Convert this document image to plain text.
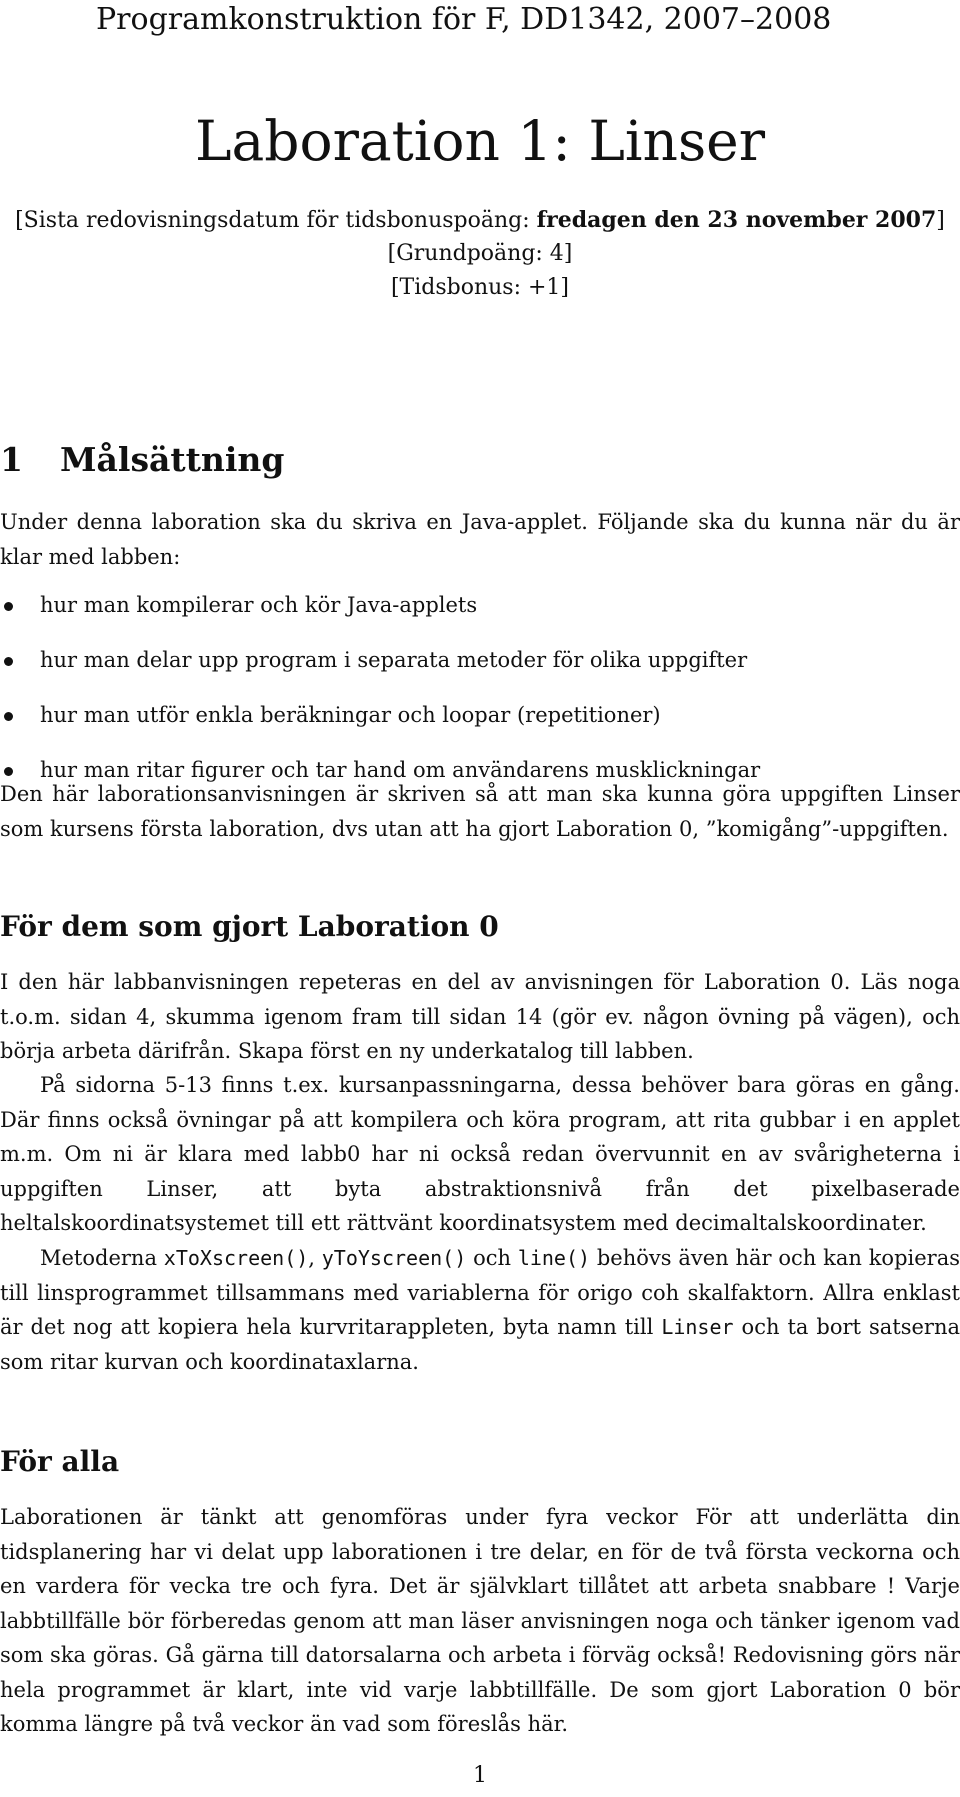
Programkonstruktion för F, DD1342, 2007–2008
Laboration 1: Linser
[Sista redovisningsdatum för tidsbonuspoäng: fredagen den 23 november 2007]
[Grundpoäng: 4]
[Tidsbonus: +1]
1 Målsättning

Under denna laboration ska du skriva en Java-applet. Följande ska du kunna när du är klar med labben:

hur man kompilerar och kör Java-applets
hur man delar upp program i separata metoder för olika uppgifter
hur man utför enkla beräkningar och loopar (repetitioner)
hur man ritar figurer och tar hand om användarens musklickningar

Den här laborationsanvisningen är skriven så att man ska kunna göra uppgiften Linser som kursens första laboration, dvs utan att ha gjort Laboration 0, ”komigång”-uppgiften.

För dem som gjort Laboration 0

I den här labbanvisningen repeteras en del av anvisningen för Laboration 0. Läs noga t.o.m. sidan 4, skumma igenom fram till sidan 14 (gör ev. någon övning på vägen), och börja arbeta därifrån. Skapa först en ny underkatalog till labben.

På sidorna 5-13 finns t.ex. kursanpassningarna, dessa behöver bara göras en gång. Där finns också övningar på att kompilera och köra program, att rita gubbar i en applet m.m. Om ni är klara med labb0 har ni också redan övervunnit en av svårigheterna i uppgiften Linser, att byta abstraktionsnivå från det pixelbaserade heltalskoordinatsystemet till ett rättvänt koordinatsystem med decimaltalskoordinater.

Metoderna xToXscreen(), yToYscreen() och line() behövs även här och kan kopieras till linsprogrammet tillsammans med variablerna för origo coh skalfaktorn. Allra enklast är det nog att kopiera hela kurvritarappleten, byta namn till Linser och ta bort satserna som ritar kurvan och koordinataxlarna.

För alla

Laborationen är tänkt att genomföras under fyra veckor För att underlätta din tidsplanering har vi delat upp laborationen i tre delar, en för de två första veckorna och en vardera för vecka tre och fyra. Det är självklart tillåtet att arbeta snabbare ! Varje labbtillfälle bör förberedas genom att man läser anvisningen noga och tänker igenom vad som ska göras. Gå gärna till datorsalarna och arbeta i förväg också! Redovisning görs när hela programmet är klart, inte vid varje labbtillfälle. De som gjort Laboration 0 bör komma längre på två veckor än vad som föreslås här.

1
